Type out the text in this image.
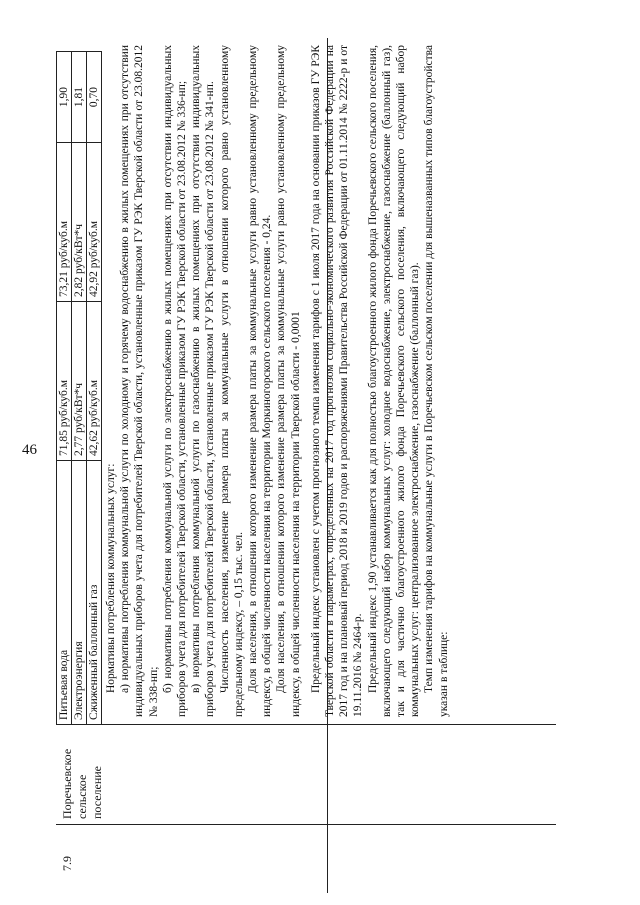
46
7.9
Поречьевское сельское поселение
Питьевая вода	71,85 руб/куб.м	73,21 руб/куб.м	1,90
Электроэнергия	2,77 руб/кВт*ч	2,82 руб/кВт*ч	1,81
Сжиженный баллонный газ	42,62 руб/куб.м	42,92 руб/куб.м	0,70

Нормативы потребления коммунальных услуг: а) нормативы потребления коммунальной услуги по холодному и горячему водоснабжению в жилых помещениях при отсутствии индивидуальных приборов учета для потребителей Тверской области, установленные приказом ГУ РЭК Тверской области от 23.08.2012 № 338-нп; б) нормативы потребления коммунальной услуги по электроснабжению в жилых помещениях при отсутствии индивидуальных приборов учета для потребителей Тверской области, установленные приказом ГУ РЭК Тверской области от 23.08.2012 № 336-нп; в) нормативы потребления коммунальной услуги по газоснабжению в жилых помещениях при отсутствии индивидуальных приборов учета для потребителей Тверской области, установленные приказом ГУ РЭК Тверской области от 23.08.2012 № 341-нп. Численность населения, изменение размера платы за коммунальные услуги в отношении которого равно установленному предельному индексу, – 0,15 тыс. чел. Доля населения, в отношении которого изменение размера платы за коммунальные услуги равно установленному предельному индексу, в общей численности населения на территории Моркиногорского сельского поселения - 0,24. Доля населения, в отношении которого изменение размера платы за коммунальные услуги равно установленному предельному индексу, в общей численности населения на территории Тверской области - 0,0001 Предельный индекс установлен с учетом прогнозного темпа изменения тарифов с 1 июля 2017 года на основании приказов ГУ РЭК Тверской области в параметрах, определенных на 2017 год прогнозом социально-экономического развития Российской Федерации на 2017 год и на плановый период 2018 и 2019 годов и распоряжениями Правительства Российской Федерации от 01.11.2014 № 2222-р и от 19.11.2016 № 2464-р. Предельный индекс 1,90 устанавливается как для полностью благоустроенного жилого фонда Поречьевского сельского поселения, включающего следующий набор коммунальных услуг: холодное водоснабжение, электроснабжение, газоснабжение (баллонный газ), так и для частично благоустроенного жилого фонда Поречьевского сельского поселения, включающего следующий набор коммунальных услуг: централизованное электроснабжение, газоснабжение (баллонный газ). Темп изменения тарифов на коммунальные услуги в Поречьевском сельском поселении для вышеназванных типов благоустройства указан в таблице:
